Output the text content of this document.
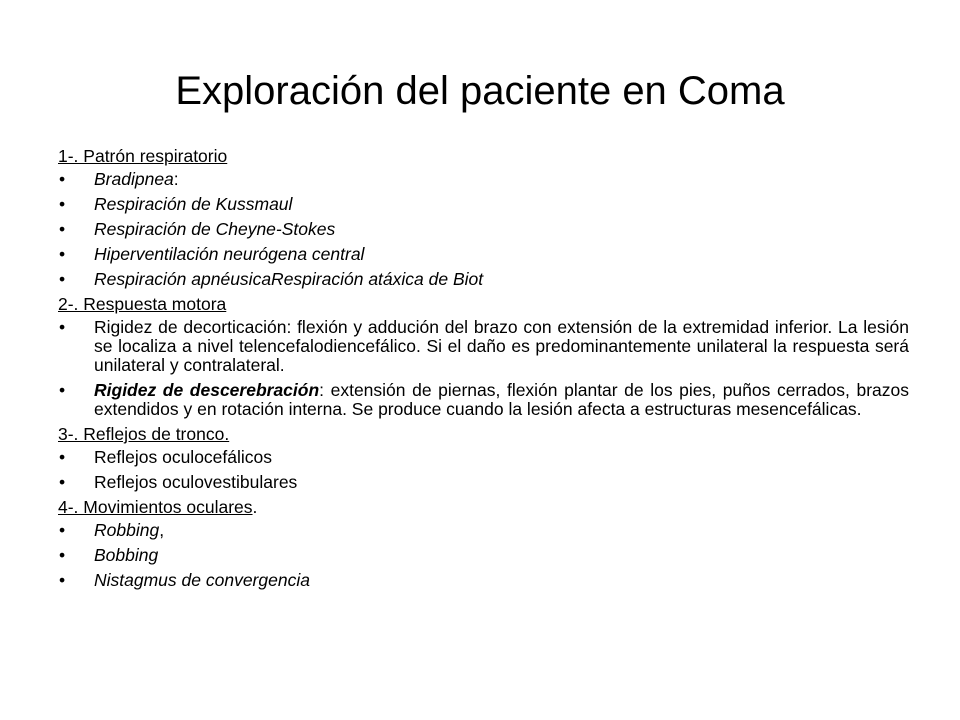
Exploración del paciente en Coma
1-. Patrón respiratorio
• Bradipnea:
• Respiración de Kussmaul
• Respiración de Cheyne-Stokes
• Hiperventilación neurógena central
• Respiración apnéusicaRespiración atáxica de Biot
2-. Respuesta motora
• Rigidez de decorticación: flexión y addución del brazo con extensión de la extremidad inferior. La lesión se localiza a nivel telencefalodiencefálico. Si el daño es predominantemente unilateral la respuesta será unilateral y contralateral.
• Rigidez de descerebración: extensión de piernas, flexión plantar de los pies, puños cerrados, brazos extendidos y en rotación interna. Se produce cuando la lesión afecta a estructuras mesencefálicas.
3-. Reflejos de tronco.
• Reflejos oculocefálicos
• Reflejos oculovestibulares
4-. Movimientos oculares.
• Robbing,
• Bobbing
• Nistagmus de convergencia
